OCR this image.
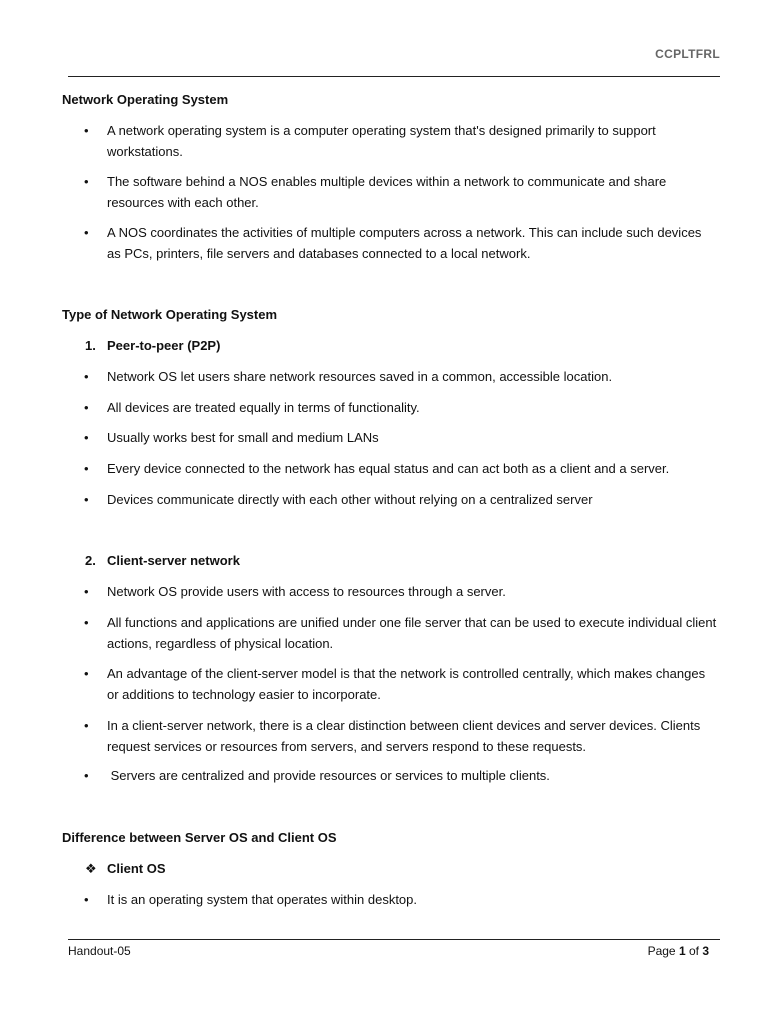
CCPLTFRL
Network Operating System
• A network operating system is a computer operating system that's designed primarily to support workstations.
• The software behind a NOS enables multiple devices within a network to communicate and share resources with each other.
• A NOS coordinates the activities of multiple computers across a network. This can include such devices as PCs, printers, file servers and databases connected to a local network.
Type of Network Operating System
1. Peer-to-peer (P2P)
• Network OS let users share network resources saved in a common, accessible location.
• All devices are treated equally in terms of functionality.
• Usually works best for small and medium LANs
• Every device connected to the network has equal status and can act both as a client and a server.
• Devices communicate directly with each other without relying on a centralized server
2. Client-server network
• Network OS provide users with access to resources through a server.
• All functions and applications are unified under one file server that can be used to execute individual client actions, regardless of physical location.
• An advantage of the client-server model is that the network is controlled centrally, which makes changes or additions to technology easier to incorporate.
• In a client-server network, there is a clear distinction between client devices and server devices. Clients request services or resources from servers, and servers respond to these requests.
• Servers are centralized and provide resources or services to multiple clients.
Difference between Server OS and Client OS
❖ Client OS
• It is an operating system that operates within desktop.
Handout-05	Page 1 of 3
